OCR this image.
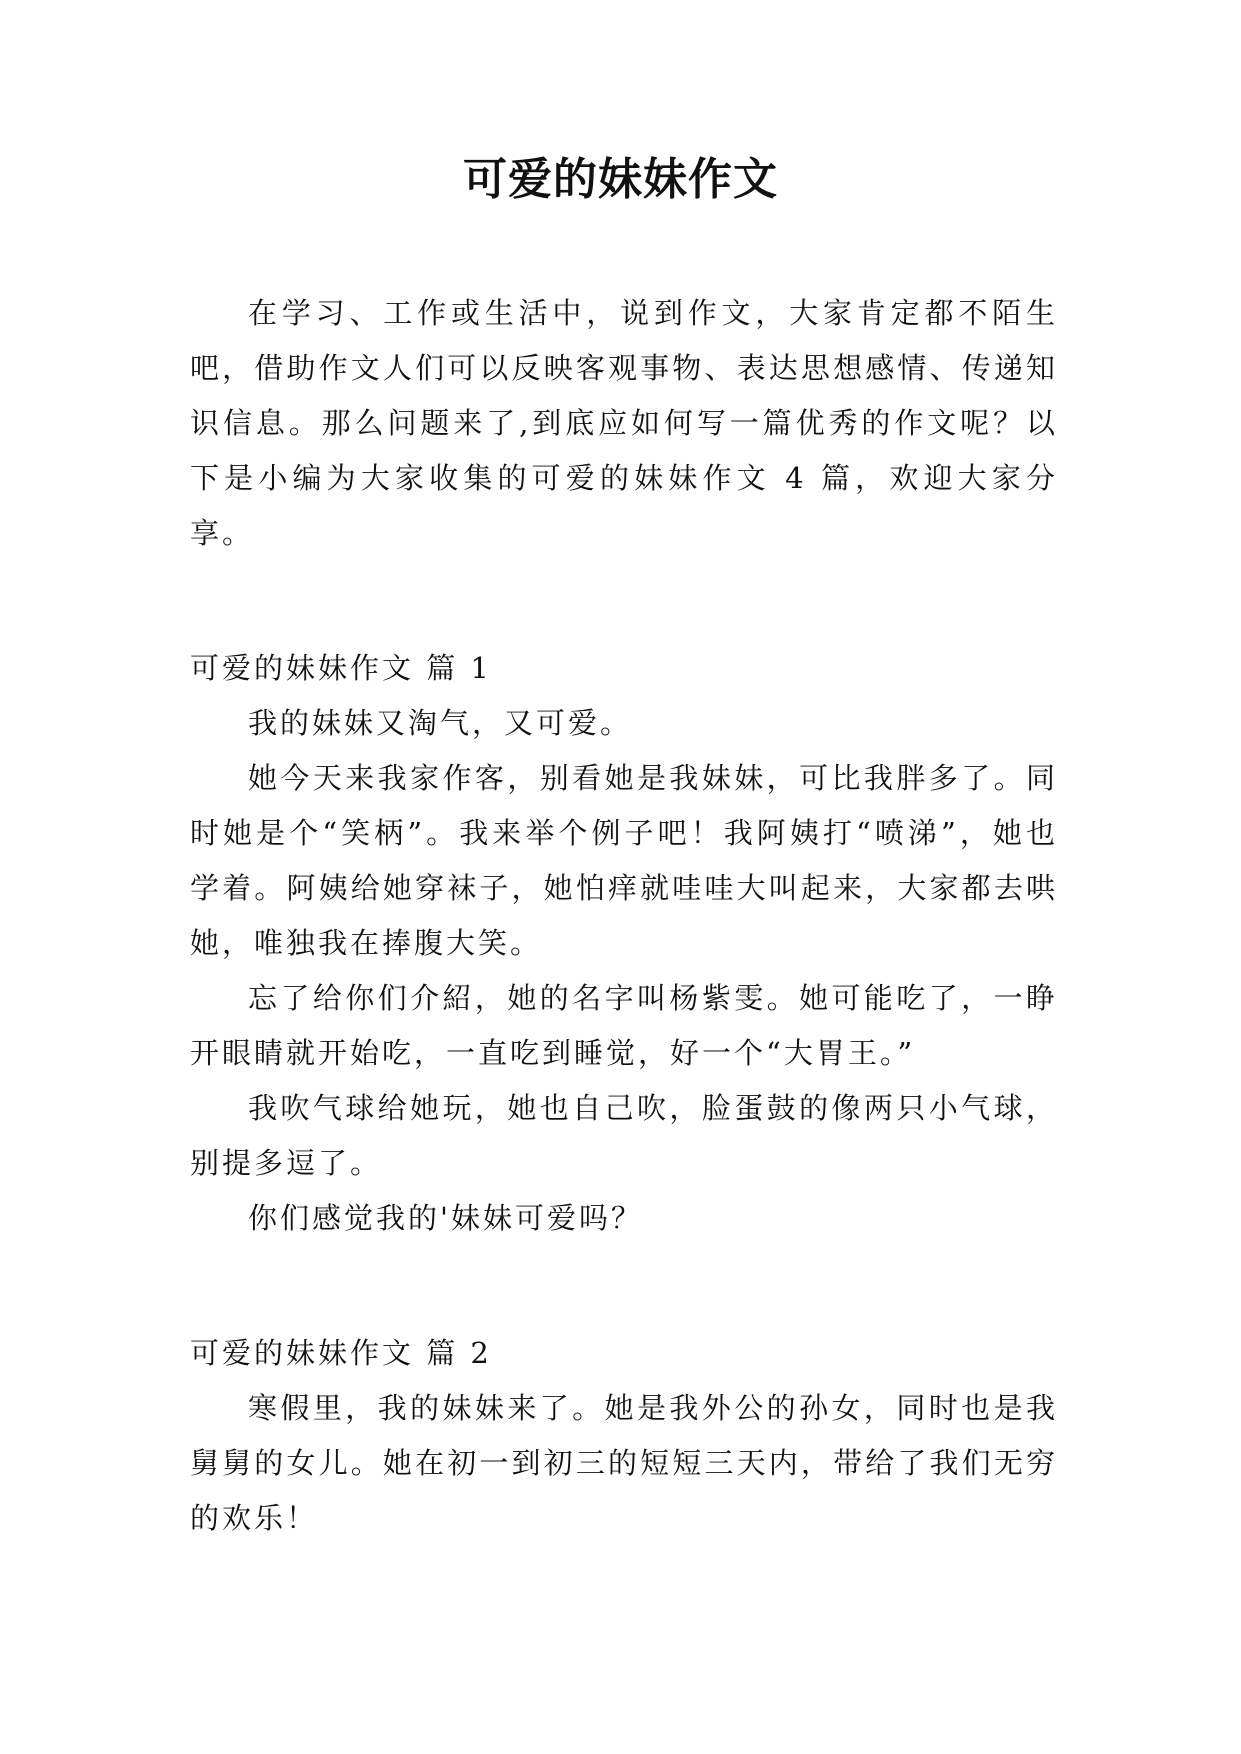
可爱的妹妹作文

在学习、工作或生活中，说到作文，大家肯定都不陌生吧，借助作文人们可以反映客观事物、表达思想感情、传递知识信息。那么问题来了,到底应如何写一篇优秀的作文呢？以下是小编为大家收集的可爱的妹妹作文 4 篇，欢迎大家分享。

可爱的妹妹作文 篇 1

我的妹妹又淘气，又可爱。

她今天来我家作客，别看她是我妹妹，可比我胖多了。同时她是个“笑柄”。我来举个例子吧！我阿姨打“喷涕”，她也学着。阿姨给她穿袜子，她怕痒就哇哇大叫起来，大家都去哄她，唯独我在捧腹大笑。

忘了给你们介紹，她的名字叫杨紫雯。她可能吃了，一睁开眼睛就开始吃，一直吃到睡觉，好一个“大胃王。”

我吹气球给她玩，她也自己吹，脸蛋鼓的像两只小气球，别提多逗了。

你们感觉我的'妹妹可爱吗？

可爱的妹妹作文 篇 2

寒假里，我的妹妹来了。她是我外公的孙女，同时也是我舅舅的女儿。她在初一到初三的短短三天内，带给了我们无穷的欢乐！
